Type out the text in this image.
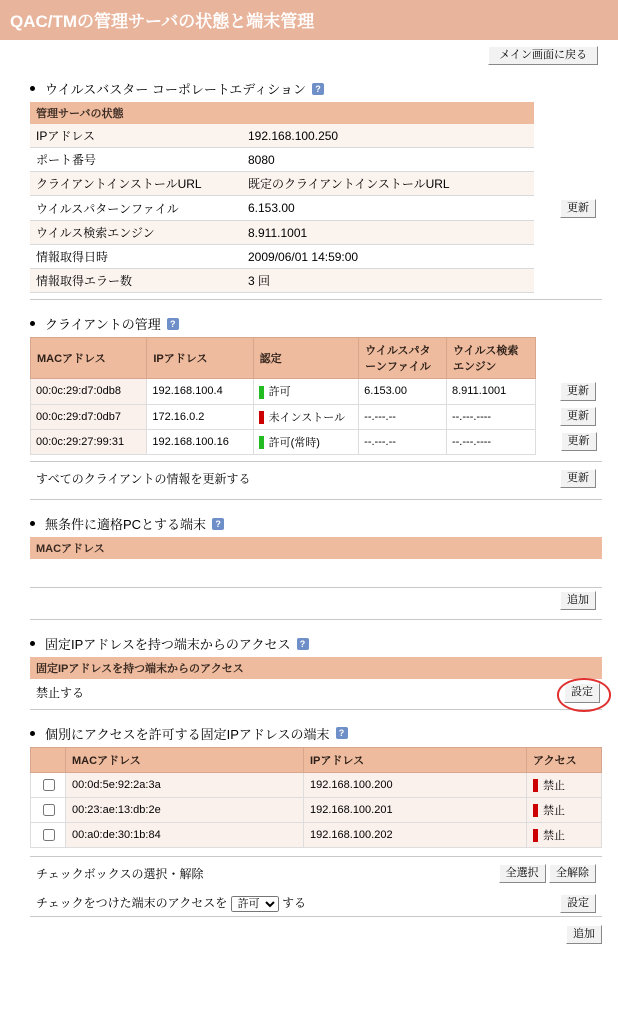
QAC/TMの管理サーバの状態と端末管理
メイン画面に戻る
ウイルスバスター コーポレートエディション	?
管理サーバの状態		
IPアドレス	192.168.100.250	
ポート番号	8080	
クライアントインストールURL	既定のクライアントインストールURL	
ウイルスパターンファイル	6.153.00	更新
ウイルス検索エンジン	8.911.1001	
情報取得日時	2009/06/01 14:59:00	
情報取得エラー数	3 回	
クライアントの管理	?
MACアドレス	IPアドレス	認定	ウイルスパターンファイル	ウイルス検索エンジン	
00:0c:29:d7:0db8	192.168.100.4	許可	6.153.00	8.911.1001	更新
00:0c:29:d7:0db7	172.16.0.2	未インストール	--.---.--	--.---.----	更新
00:0c:29:27:99:31	192.168.100.16	許可(常時)	--.---.--	--.---.----	更新
すべてのクライアントの情報を更新する	更新
無条件に適格PCとする端末	?
MACアドレス	

	追加
固定IPアドレスを持つ端末からのアクセス	?
固定IPアドレスを持つ端末からのアクセス
禁止する	設定
個別にアクセスを許可する固定IPアドレスの端末	?
	MACアドレス	IPアドレス	アクセス
	00:0d:5e:92:2a:3a	192.168.100.200	禁止
	00:23:ae:13:db:2e	192.168.100.201	禁止
	00:a0:de:30:1b:84	192.168.100.202	禁止
チェックボックスの選択・解除	全選択 全解除
チェックをつけた端末のアクセスを
許可 する	設定
追加
